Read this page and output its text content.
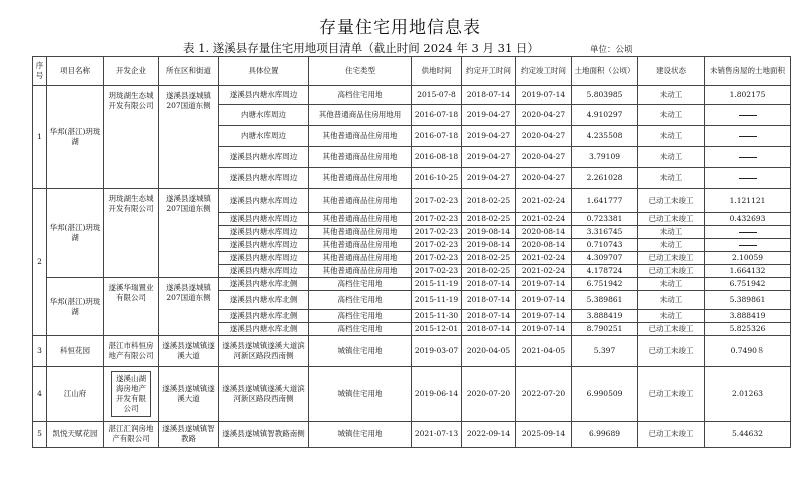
存量住宅用地信息表
表 1. 遂溪县存量住宅用地项目清单（截止时间 2024 年 3 月 31 日）	单位：公顷
序号	项目名称	开发企业	所在区和街道	具体位置	住宅类型	供地时间	约定开工时间	约定竣工时间	土地面积（公顷）	建设状态	未销售房屋的土地面积
1	华邦(湛江)玥珑湖	玥珑湖生态城开发有限公司	遂溪县遂城镇207国道东侧	遂溪县内塘水库周边	高档住宅用地	2015-07-8	2018-07-14	2019-07-14	5.803985	未动工	1.802175
				内塘水库周边	其他普通商品住房用地用	2016-07-18	2019-04-27	2020-04-27	4.910297	未动工	
				内塘水库周边	其他普通商品住房用地	2016-07-18	2019-04-27	2020-04-27	4.235508	未动工	
				遂溪县内塘水库周边	其他普通商品住房用地	2016-08-18	2019-04-27	2020-04-27	3.79109	未动工	
				遂溪县内塘水库周边	其他普通商品住房用地	2016-10-25	2019-04-27	2020-04-27	2.261028	未动工	
2	华邦(湛江)玥珑湖	玥珑湖生态城开发有限公司	遂溪县遂城镇207国道东侧	遂溪县内塘水库周边	其他普通商品住房用地	2017-02-23	2018-02-25	2021-02-24	1.641777	已动工未竣工	1.121121
				遂溪县内塘水库周边	其他普通商品住房用地	2017-02-23	2018-02-25	2021-02-24	0.723381	已动工未竣工	0.432693
				遂溪县内塘水库周边	其他普通商品住房用地	2017-02-23	2019-08-14	2020-08-14	3.316745	未动工	
				遂溪县内塘水库周边	其他普通商品住房用地	2017-02-23	2019-08-14	2020-08-14	0.710743	未动工	
				遂溪县内塘水库周边	其他普通商品住房用地	2017-02-23	2018-02-25	2021-02-24	4.309707	已动工未竣工	2.10059
				遂溪县内塘水库周边	其他普通商品住房用地	2017-02-23	2018-02-25	2021-02-24	4.178724	已动工未竣工	1.664132
	华邦(湛江)玥珑湖	遂溪华瑞置业有限公司	遂溪县遂城镇207国道东侧	遂溪县内塘水库北侧	高档住宅用地	2015-11-19	2018-07-14	2019-07-14	6.751942	未动工	6.751942
				遂溪县内塘水库北侧	高档住宅用地	2015-11-19	2018-07-14	2019-07-14	5.389861	未动工	5.389861
				遂溪县内塘水库北侧	高档住宅用地	2015-11-30	2018-07-14	2019-07-14	3.888419	未动工	3.888419
				遂溪县内塘水库北侧	高档住宅用地	2015-12-01	2018-07-14	2019-07-14	8.790251	已动工未竣工	5.825326
3	科恒花园	湛江市科恒房地产有限公司	遂溪县遂城镇遂溪大道	遂溪县遂城镇遂溪大道滨河新区路段西南侧	城镇住宅用地	2019-03-07	2020-04-05	2021-04-05	5.397	已动工未竣工	0.7490８
4	江山府	遂溪山湖海房地产开发有限公司	遂溪县遂城镇遂溪大道	遂溪县遂城镇遂溪大道滨河新区路段西南侧	城镇住宅用地	2019-06-14	2020-07-20	2022-07-20	6.990509	已动工未竣工	2.01263
5	凯悦天赋花园	湛江汇润房地产有限公司	遂溪县遂城镇智教路	遂溪县遂城镇智教路南侧	城镇住宅用地	2021-07-13	2022-09-14	2025-09-14	6.99689	已动工未竣工	5.44632
